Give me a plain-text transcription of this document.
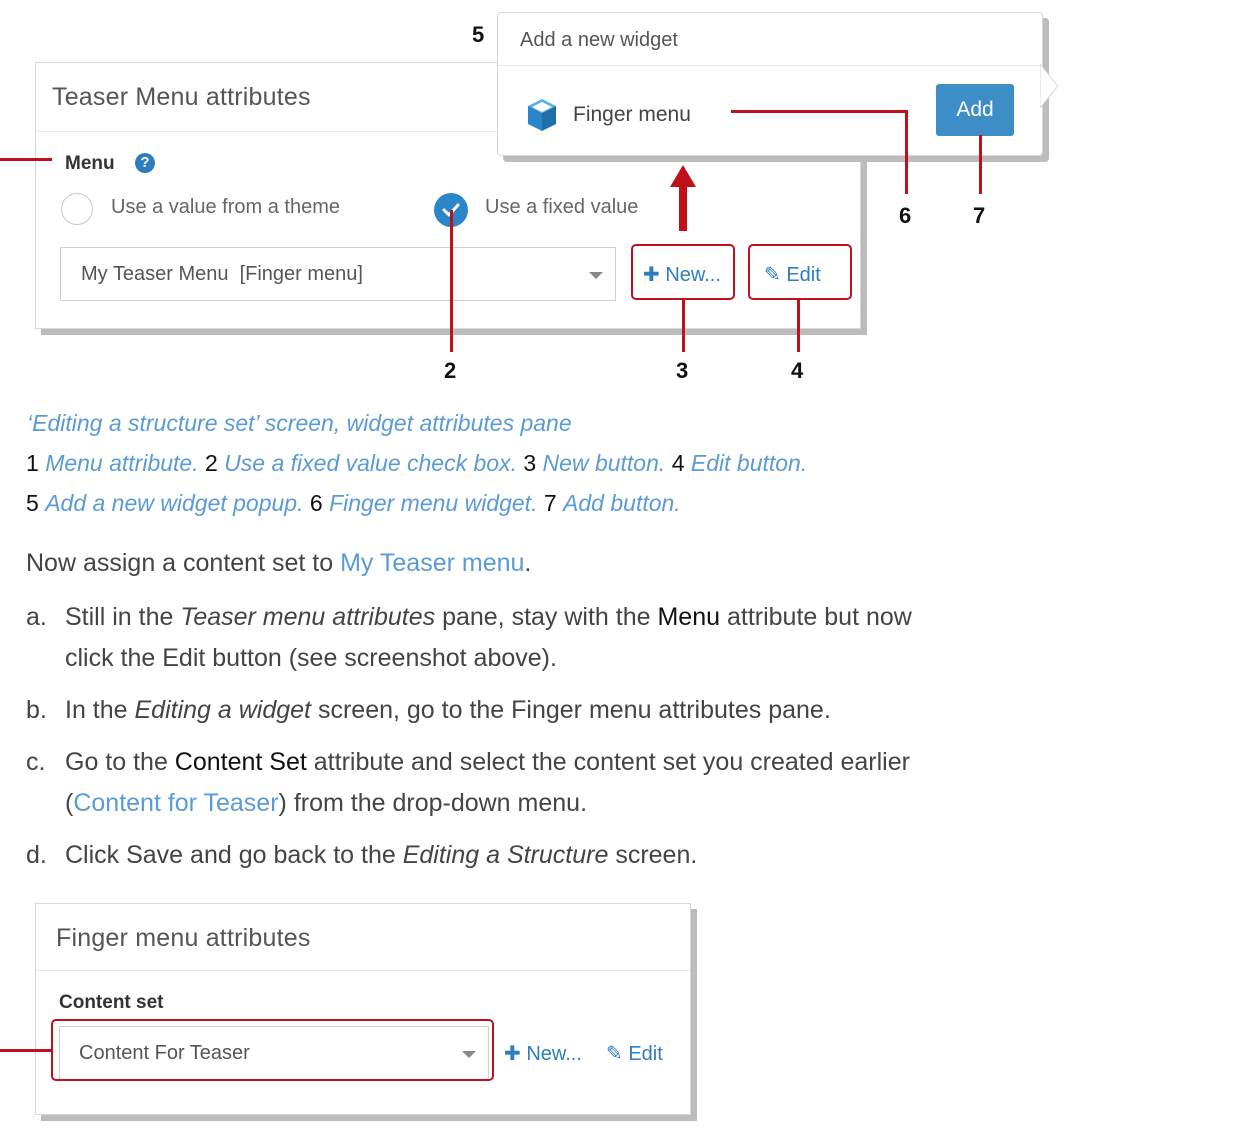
Teaser Menu attributes
Menu	?
Use a value from a theme	Use a fixed value
My Teaser Menu  [Finger menu]	✚ New... ✎ Edit
2	3	4
Add a new widget
Finger menu	Add
5
6	7
‘Editing a structure set’ screen, widget attributes pane
1 Menu attribute. 2 Use a fixed value check box. 3 New button. 4 Edit button.
5 Add a new widget popup. 6 Finger menu widget. 7 Add button.
Now assign a content set to My Teaser menu.
a. Still in the Teaser menu attributes pane, stay with the Menu attribute but now
click the Edit button (see screenshot above).
b. In the Editing a widget screen, go to the Finger menu attributes pane.
c. Go to the Content Set attribute and select the content set you created earlier
(Content for Teaser) from the drop-down menu.
d. Click Save and go back to the Editing a Structure screen.
Finger menu attributes
Content set
Content For Teaser	✚ New... ✎ Edit
